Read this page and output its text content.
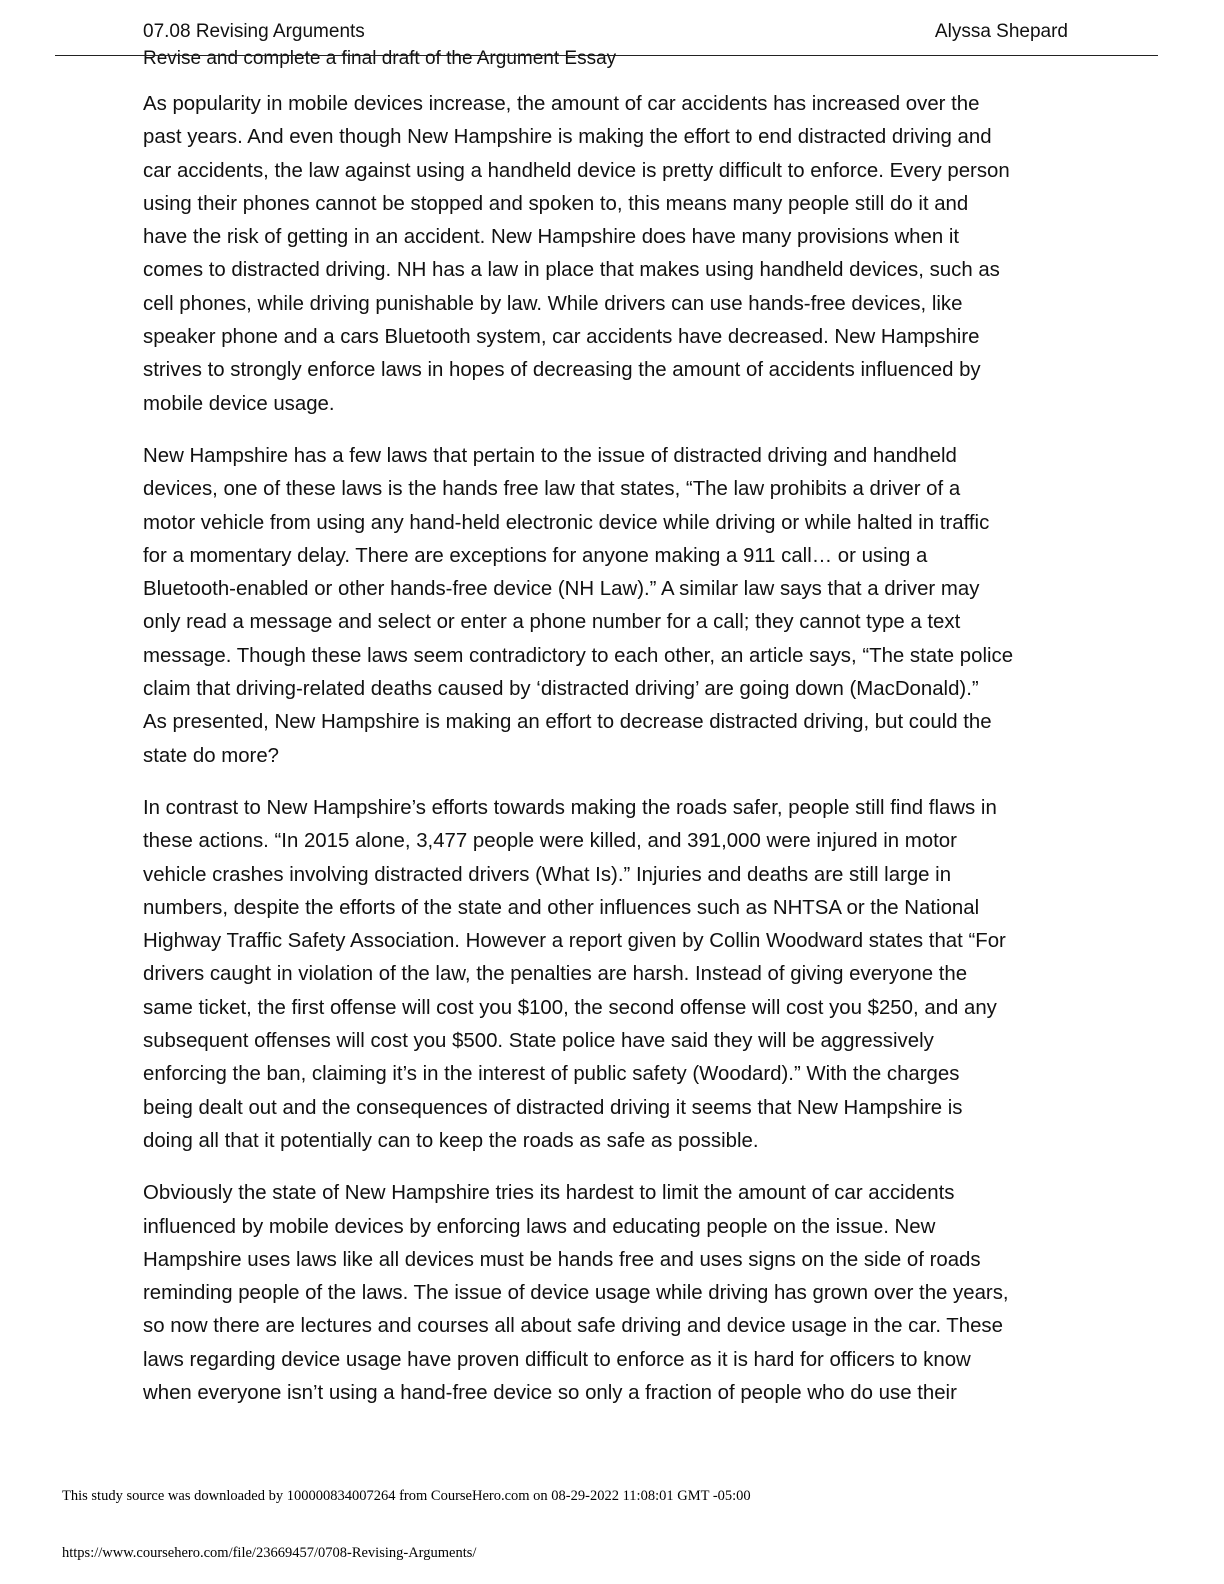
07.08 Revising Arguments	Alyssa Shepard
Revise and complete a final draft of the Argument Essay

As popularity in mobile devices increase, the amount of car accidents has increased over the
past years. And even though New Hampshire is making the effort to end distracted driving and
car accidents, the law against using a handheld device is pretty difficult to enforce. Every person
using their phones cannot be stopped and spoken to, this means many people still do it and
have the risk of getting in an accident. New Hampshire does have many provisions when it
comes to distracted driving. NH has a law in place that makes using handheld devices, such as
cell phones, while driving punishable by law. While drivers can use hands-free devices, like
speaker phone and a cars Bluetooth system, car accidents have decreased. New Hampshire
strives to strongly enforce laws in hopes of decreasing the amount of accidents influenced by
mobile device usage.

New Hampshire has a few laws that pertain to the issue of distracted driving and handheld
devices, one of these laws is the hands free law that states, “The law prohibits a driver of a
motor vehicle from using any hand-held electronic device while driving or while halted in traffic
for a momentary delay. There are exceptions for anyone making a 911 call… or using a
Bluetooth-enabled or other hands-free device (NH Law).” A similar law says that a driver may
only read a message and select or enter a phone number for a call; they cannot type a text
message. Though these laws seem contradictory to each other, an article says, “The state police
claim that driving-related deaths caused by ‘distracted driving’ are going down (MacDonald).”
As presented, New Hampshire is making an effort to decrease distracted driving, but could the
state do more?

In contrast to New Hampshire’s efforts towards making the roads safer, people still find flaws in
these actions. “In 2015 alone, 3,477 people were killed, and 391,000 were injured in motor
vehicle crashes involving distracted drivers (What Is).” Injuries and deaths are still large in
numbers, despite the efforts of the state and other influences such as NHTSA or the National
Highway Traffic Safety Association. However a report given by Collin Woodward states that “For
drivers caught in violation of the law, the penalties are harsh. Instead of giving everyone the
same ticket, the first offense will cost you $100, the second offense will cost you $250, and any
subsequent offenses will cost you $500. State police have said they will be aggressively
enforcing the ban, claiming it’s in the interest of public safety (Woodard).” With the charges
being dealt out and the consequences of distracted driving it seems that New Hampshire is
doing all that it potentially can to keep the roads as safe as possible.

Obviously the state of New Hampshire tries its hardest to limit the amount of car accidents
influenced by mobile devices by enforcing laws and educating people on the issue. New
Hampshire uses laws like all devices must be hands free and uses signs on the side of roads
reminding people of the laws. The issue of device usage while driving has grown over the years,
so now there are lectures and courses all about safe driving and device usage in the car. These
laws regarding device usage have proven difficult to enforce as it is hard for officers to know
when everyone isn’t using a hand-free device so only a fraction of people who do use their

This study source was downloaded by 100000834007264 from CourseHero.com on 08-29-2022 11:08:01 GMT -05:00
https://www.coursehero.com/file/23669457/0708-Revising-Arguments/
